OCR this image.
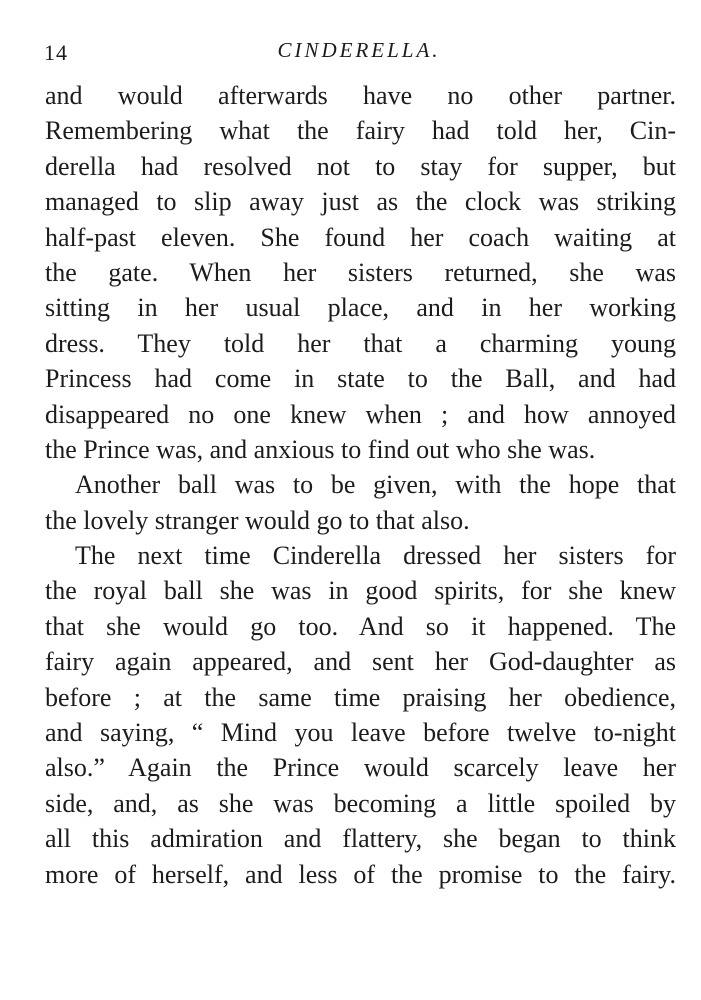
14	CINDERELLA.
and would afterwards have no other partner.
Remembering what the fairy had told her, Cin-
derella had resolved not to stay for supper, but
managed to slip away just as the clock was striking
half-past eleven. She found her coach waiting at
the gate. When her sisters returned, she was
sitting in her usual place, and in her working
dress. They told her that a charming young
Princess had come in state to the Ball, and had
disappeared no one knew when ; and how annoyed
the Prince was, and anxious to find out who she was.
Another ball was to be given, with the hope that
the lovely stranger would go to that also.
The next time Cinderella dressed her sisters for
the royal ball she was in good spirits, for she knew
that she would go too. And so it happened. The
fairy again appeared, and sent her God-daughter as
before ; at the same time praising her obedience,
and saying, “ Mind you leave before twelve to-night
also.” Again the Prince would scarcely leave her
side, and, as she was becoming a little spoiled by
all this admiration and flattery, she began to think
more of herself, and less of the promise to the fairy.
